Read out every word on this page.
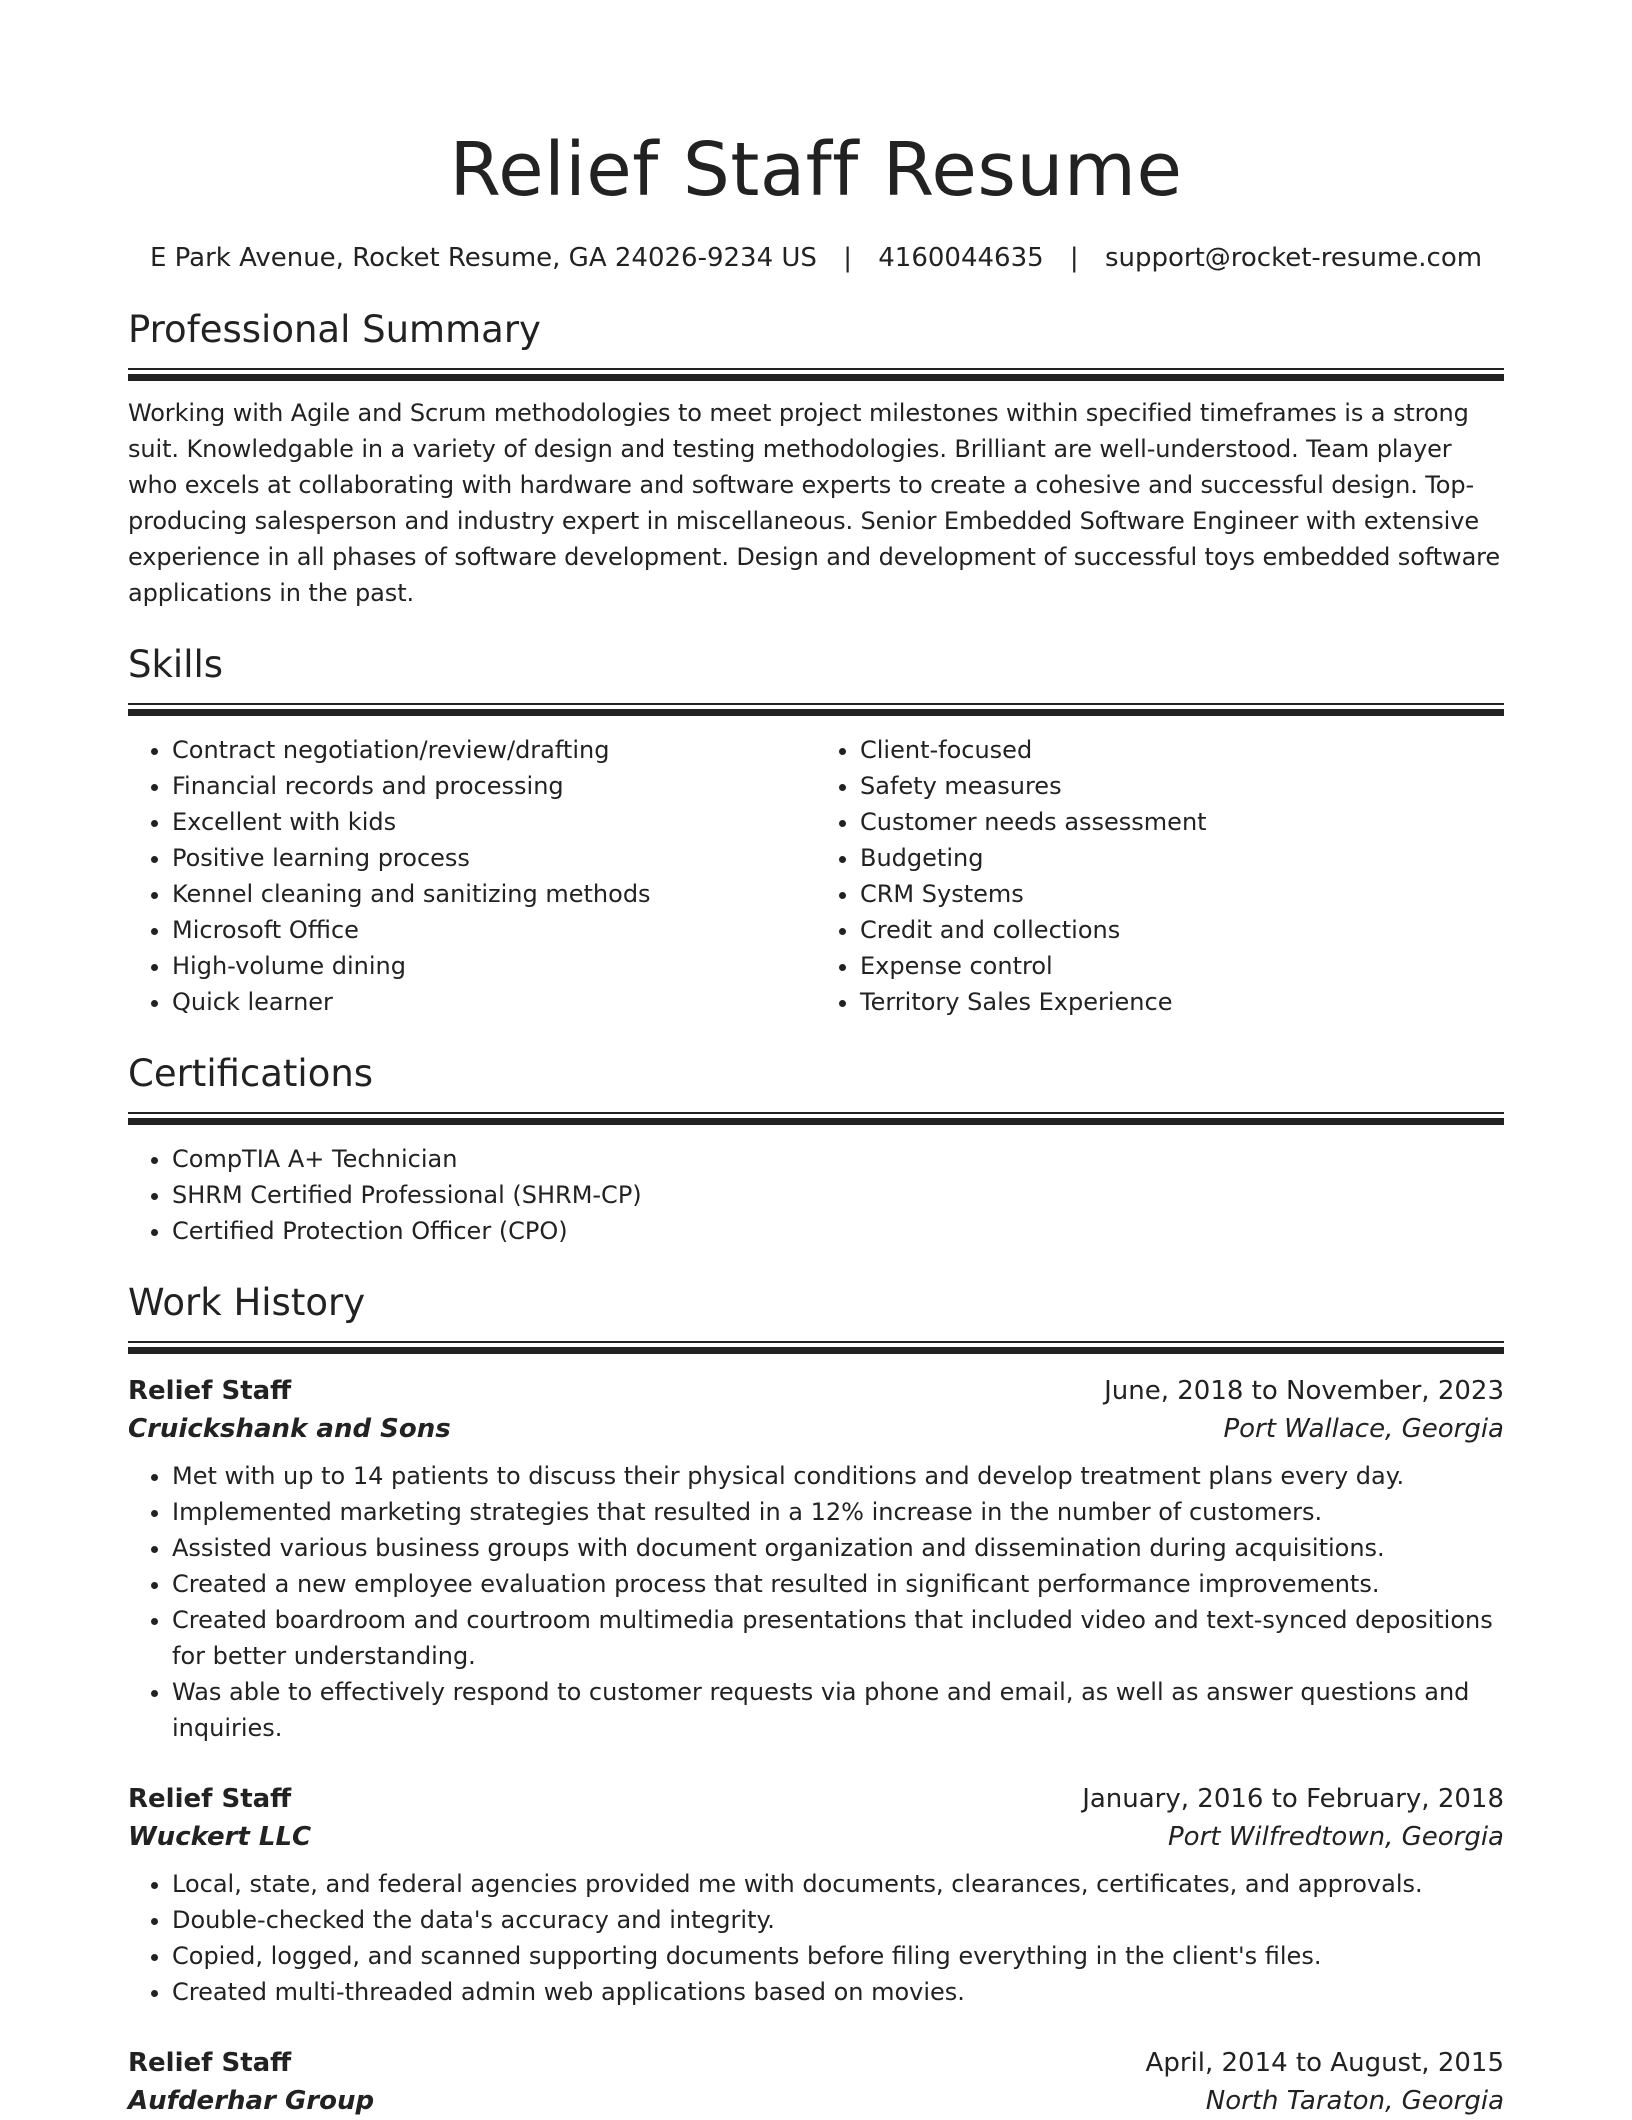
Relief Staff Resume
E Park Avenue, Rocket Resume, GA 24026-9234 US | 4160044635 | support@rocket-resume.com
Professional Summary

Working with Agile and Scrum methodologies to meet project milestones within specified timeframes is a strong suit. Knowledgable in a variety of design and testing methodologies. Brilliant are well-understood. Team player who excels at collaborating with hardware and software experts to create a cohesive and successful design. Top-producing salesperson and industry expert in miscellaneous. Senior Embedded Software Engineer with extensive experience in all phases of software development. Design and development of successful toys embedded software applications in the past.

Skills
• Contract negotiation/review/drafting
• Financial records and processing
• Excellent with kids
• Positive learning process
• Kennel cleaning and sanitizing methods
• Microsoft Office
• High-volume dining
• Quick learner
• Client-focused
• Safety measures
• Customer needs assessment
• Budgeting
• CRM Systems
• Credit and collections
• Expense control
• Territory Sales Experience
Certifications
• CompTIA A+ Technician
• SHRM Certified Professional (SHRM-CP)
• Certified Protection Officer (CPO)
Work History
Relief Staff	June, 2018 to November, 2023
Cruickshank and Sons	Port Wallace, Georgia
• Met with up to 14 patients to discuss their physical conditions and develop treatment plans every day.
• Implemented marketing strategies that resulted in a 12% increase in the number of customers.
• Assisted various business groups with document organization and dissemination during acquisitions.
• Created a new employee evaluation process that resulted in significant performance improvements.
• Created boardroom and courtroom multimedia presentations that included video and text-synced depositions for better understanding.
• Was able to effectively respond to customer requests via phone and email, as well as answer questions and inquiries.
Relief Staff	January, 2016 to February, 2018
Wuckert LLC	Port Wilfredtown, Georgia
• Local, state, and federal agencies provided me with documents, clearances, certificates, and approvals.
• Double-checked the data's accuracy and integrity.
• Copied, logged, and scanned supporting documents before filing everything in the client's files.
• Created multi-threaded admin web applications based on movies.
Relief Staff	April, 2014 to August, 2015
Aufderhar Group	North Taraton, Georgia
